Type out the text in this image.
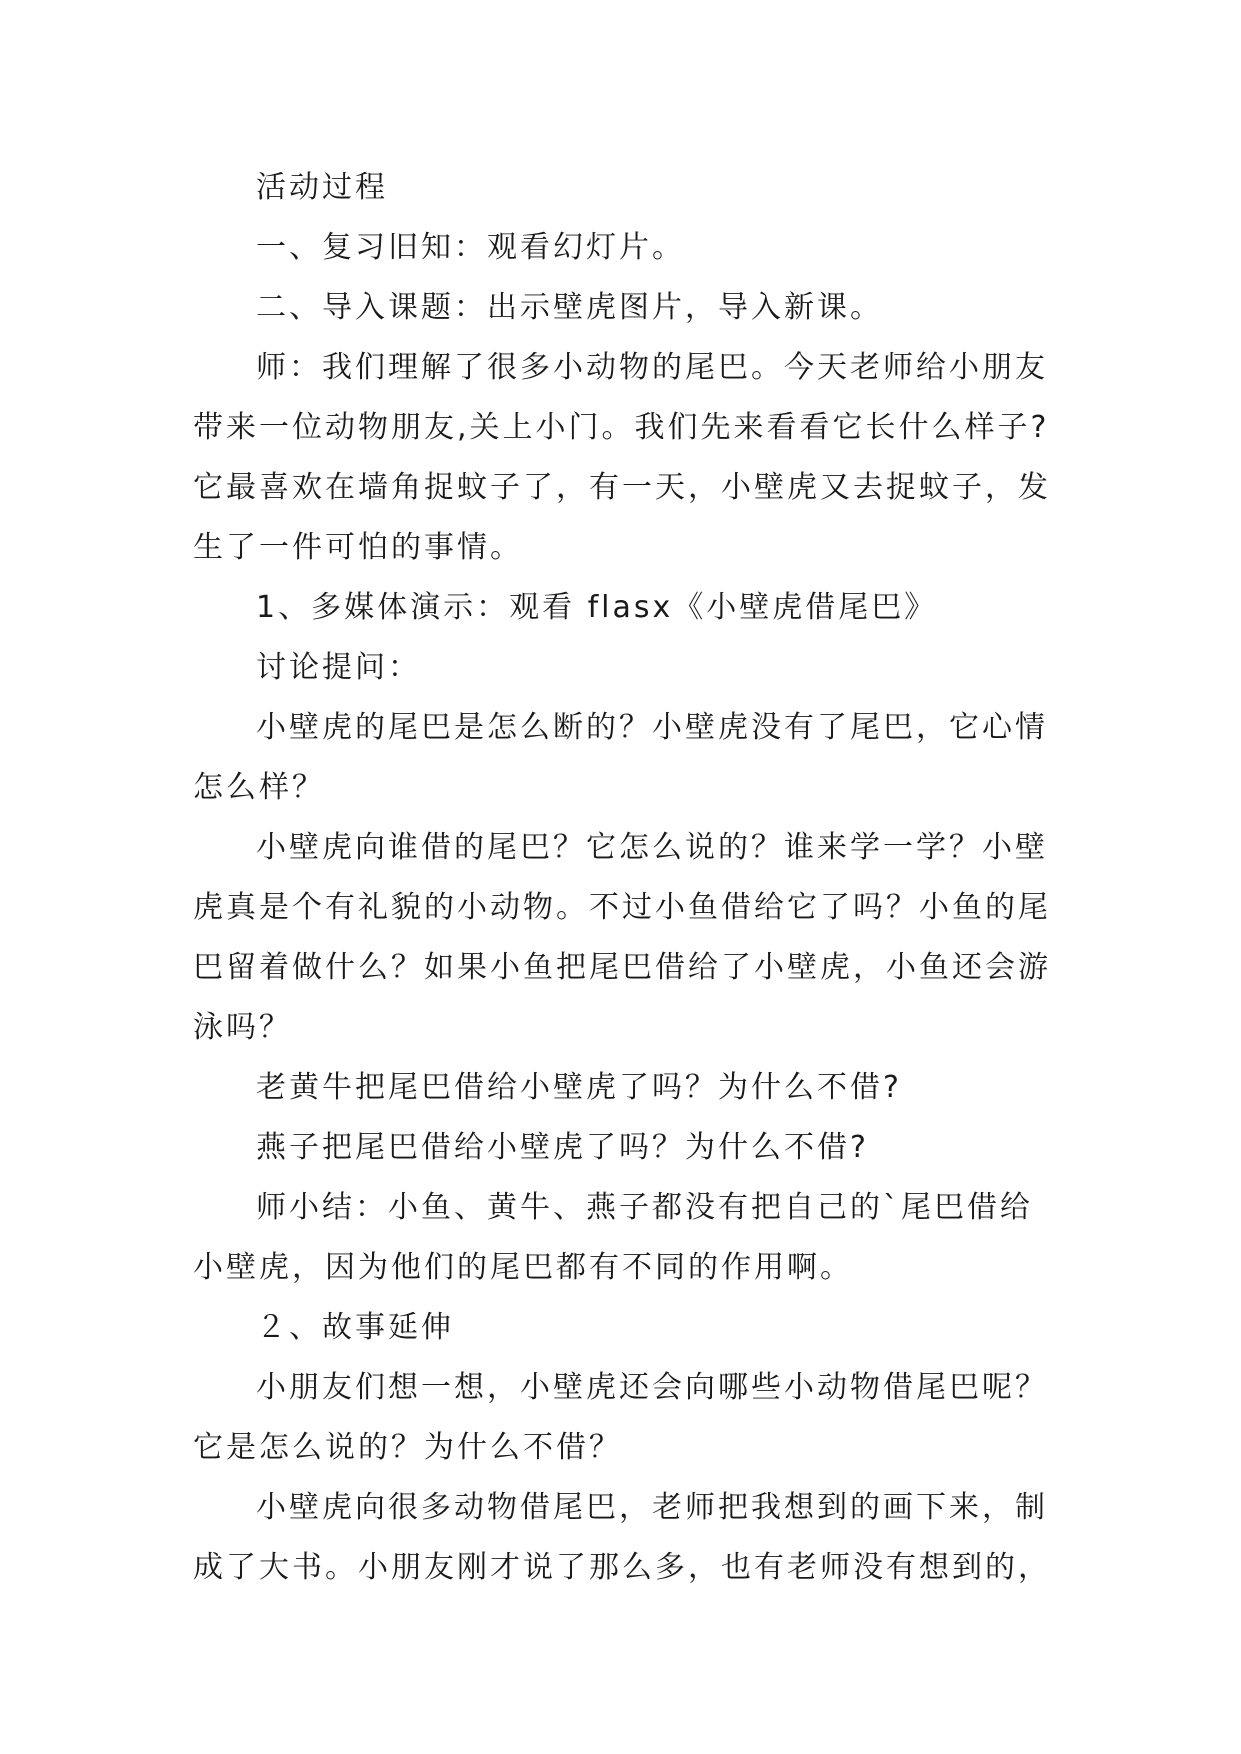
活动过程

一、复习旧知：观看幻灯片。

二、导入课题：出示壁虎图片，导入新课。

师：我们理解了很多小动物的尾巴。今天老师给小朋友带来一位动物朋友,关上小门。我们先来看看它长什么样子?它最喜欢在墙角捉蚊子了，有一天，小壁虎又去捉蚊子，发生了一件可怕的事情。

1、多媒体演示：观看 flasx《小壁虎借尾巴》

讨论提问：

小壁虎的尾巴是怎么断的？小壁虎没有了尾巴，它心情怎么样？

小壁虎向谁借的尾巴？它怎么说的？谁来学一学？小壁虎真是个有礼貌的小动物。不过小鱼借给它了吗？小鱼的尾巴留着做什么？如果小鱼把尾巴借给了小壁虎，小鱼还会游泳吗？

老黄牛把尾巴借给小壁虎了吗？为什么不借?

燕子把尾巴借给小壁虎了吗？为什么不借?

师小结：小鱼、黄牛、燕子都没有把自己的`尾巴借给小壁虎，因为他们的尾巴都有不同的作用啊。

２、故事延伸

小朋友们想一想，小壁虎还会向哪些小动物借尾巴呢？它是怎么说的？为什么不借？

小壁虎向很多动物借尾巴，老师把我想到的画下来，制成了大书。小朋友刚才说了那么多，也有老师没有想到的，
